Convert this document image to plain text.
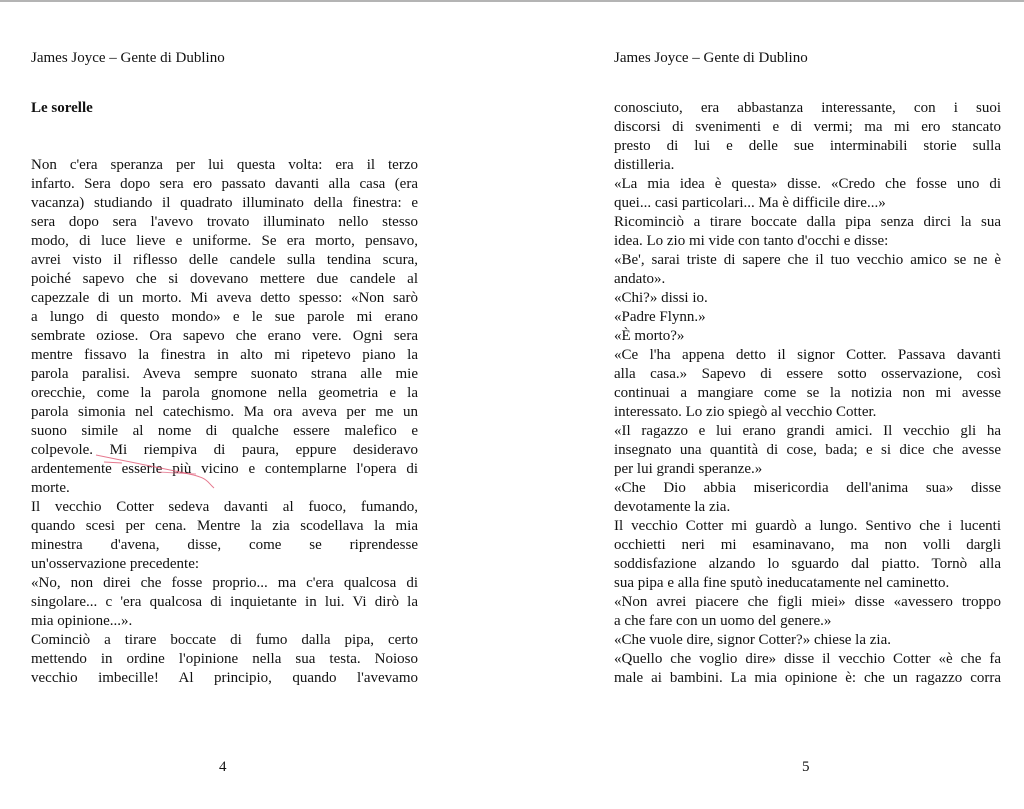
James Joyce – Gente di Dublino
Le sorelle
Non c'era speranza per lui questa volta: era il terzo
infarto. Sera dopo sera ero passato davanti alla casa (era
vacanza) studiando il quadrato illuminato della finestra: e
sera dopo sera l'avevo trovato illuminato nello stesso
modo, di luce lieve e uniforme. Se era morto, pensavo,
avrei visto il riflesso delle candele sulla tendina scura,
poiché sapevo che si dovevano mettere due candele al
capezzale di un morto. Mi aveva detto spesso: «Non sarò
a lungo di questo mondo» e le sue parole mi erano
sembrate oziose. Ora sapevo che erano vere. Ogni sera
mentre fissavo la finestra in alto mi ripetevo piano la
parola paralisi. Aveva sempre suonato strana alle mie
orecchie, come la parola gnomone nella geometria e la
parola simonia nel catechismo. Ma ora aveva per me un
suono simile al nome di qualche essere malefico e
colpevole. Mi riempiva di paura, eppure desideravo
ardentemente esserle più vicino e contemplarne l'opera di
morte.
Il vecchio Cotter sedeva davanti al fuoco, fumando,
quando scesi per cena. Mentre la zia scodellava la mia
minestra d'avena, disse, come se riprendesse
un'osservazione precedente:
«No, non direi che fosse proprio... ma c'era qualcosa di
singolare... c 'era qualcosa di inquietante in lui. Vi dirò la
mia opinione...».
Cominciò a tirare boccate di fumo dalla pipa, certo
mettendo in ordine l'opinione nella sua testa. Noioso
vecchio imbecille! Al principio, quando l'avevamo
4
James Joyce – Gente di Dublino
conosciuto, era abbastanza interessante, con i suoi
discorsi di svenimenti e di vermi; ma mi ero stancato
presto di lui e delle sue interminabili storie sulla
distilleria.
«La mia idea è questa» disse. «Credo che fosse uno di
quei... casi particolari... Ma è difficile dire...»
Ricominciò a tirare boccate dalla pipa senza dirci la sua
idea. Lo zio mi vide con tanto d'occhi e disse:
«Be', sarai triste di sapere che il tuo vecchio amico se ne è
andato».
«Chi?» dissi io.
«Padre Flynn.»
«È morto?»
«Ce l'ha appena detto il signor Cotter. Passava davanti
alla casa.» Sapevo di essere sotto osservazione, così
continuai a mangiare come se la notizia non mi avesse
interessato. Lo zio spiegò al vecchio Cotter.
«Il ragazzo e lui erano grandi amici. Il vecchio gli ha
insegnato una quantità di cose, bada; e si dice che avesse
per lui grandi speranze.»
«Che Dio abbia misericordia dell'anima sua» disse
devotamente la zia.
Il vecchio Cotter mi guardò a lungo. Sentivo che i lucenti
occhietti neri mi esaminavano, ma non volli dargli
soddisfazione alzando lo sguardo dal piatto. Tornò alla
sua pipa e alla fine sputò ineducatamente nel caminetto.
«Non avrei piacere che figli miei» disse «avessero troppo
a che fare con un uomo del genere.»
«Che vuole dire, signor Cotter?» chiese la zia.
«Quello che voglio dire» disse il vecchio Cotter «è che fa
male ai bambini. La mia opinione è: che un ragazzo corra
5
